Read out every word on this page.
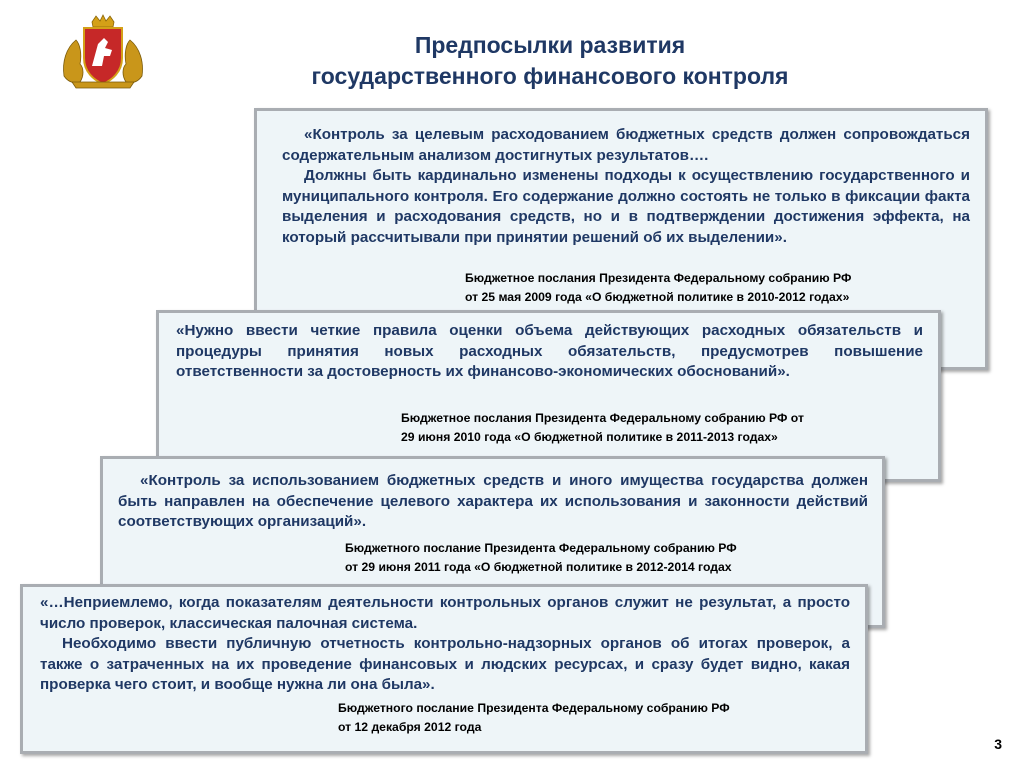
Предпосылки развития
государственного финансового контроля
«Контроль за целевым расходованием бюджетных средств должен сопровождаться содержательным анализом достигнутых результатов….
Должны быть кардинально изменены подходы к осуществлению государственного и муниципального контроля. Его содержание должно состоять не только в фиксации факта выделения и расходования средств, но и в подтверждении достижения эффекта, на который рассчитывали при принятии решений об их выделении».
Бюджетное послания Президента Федеральному собранию РФ
от 25 мая 2009 года «О бюджетной политике в 2010-2012 годах»
«Нужно ввести четкие правила оценки объема действующих расходных обязательств и процедуры принятия новых расходных обязательств, предусмотрев повышение ответственности за достоверность их финансово-экономических обоснований».
Бюджетное послания Президента Федеральному собранию РФ от
29 июня 2010 года «О бюджетной политике в 2011-2013 годах»
«Контроль за использованием бюджетных средств и иного имущества государства должен быть направлен на обеспечение целевого характера их использования и законности действий соответствующих организаций».
Бюджетного послание Президента Федеральному собранию РФ
от 29 июня 2011 года «О бюджетной политике в 2012-2014 годах
«…Неприемлемо, когда показателям деятельности контрольных органов служит не результат, а просто число проверок, классическая палочная система.
Необходимо ввести публичную отчетность контрольно-надзорных органов об итогах проверок, а также о затраченных на их проведение финансовых и людских ресурсах, и сразу будет видно, какая проверка чего стоит, и вообще нужна ли она была».
Бюджетного послание Президента Федеральному собранию РФ
от 12 декабря 2012 года
3
